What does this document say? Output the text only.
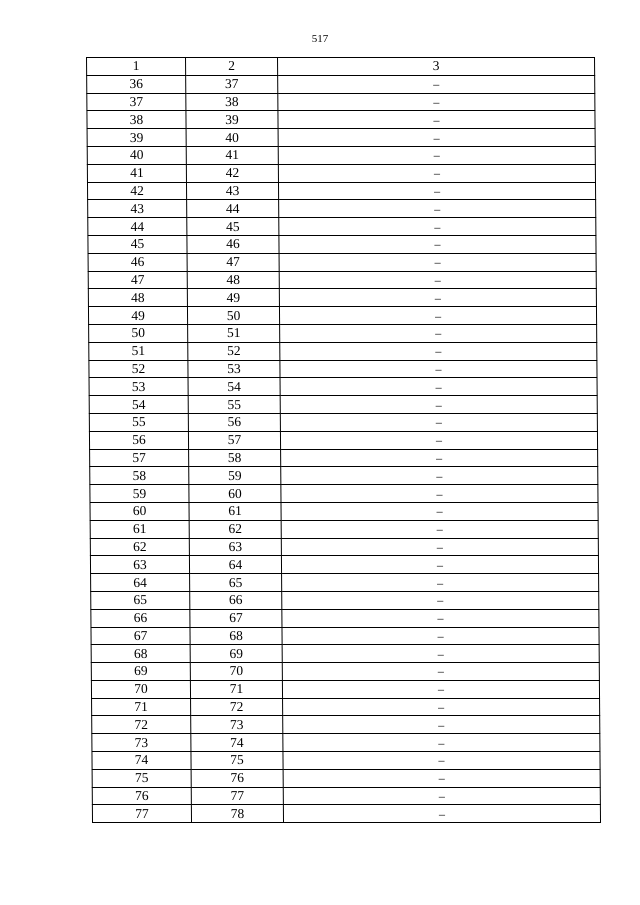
517
1	2	3
36	37	–
37	38	–
38	39	–
39	40	–
40	41	–
41	42	–
42	43	–
43	44	–
44	45	–
45	46	–
46	47	–
47	48	–
48	49	–
49	50	–
50	51	–
51	52	–
52	53	–
53	54	–
54	55	–
55	56	–
56	57	–
57	58	–
58	59	–
59	60	–
60	61	–
61	62	–
62	63	–
63	64	–
64	65	–
65	66	–
66	67	–
67	68	–
68	69	–
69	70	–
70	71	–
71	72	–
72	73	–
73	74	–
74	75	–
75	76	–
76	77	–
77	78	–
